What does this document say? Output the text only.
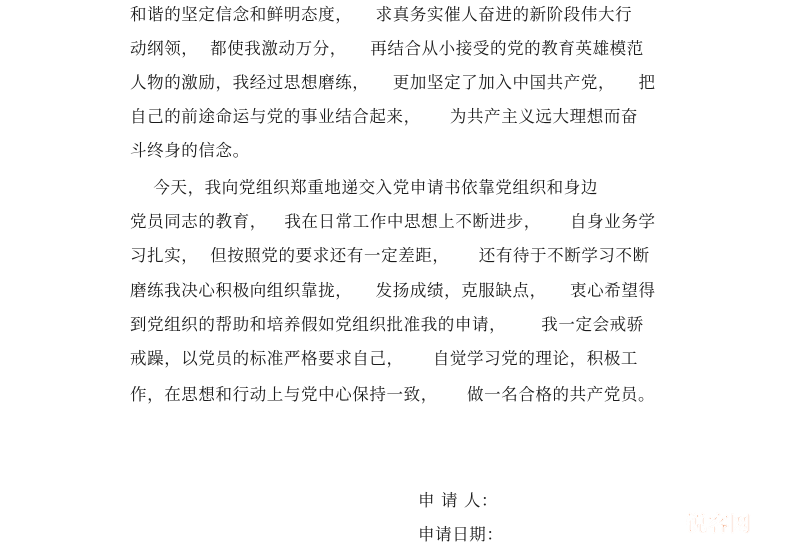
和谐的坚定信念和鲜明态度，    求真务实催人奋进的新阶段伟大行
动纲领，  都使我激动万分，    再结合从小接受的党的教育英雄模范
人物的激励，我经过思想磨练，    更加坚定了加入中国共产党，    把
自己的前途命运与党的事业结合起来，     为共产主义远大理想而奋
斗终身的信念。
今天，我向党组织郑重地递交入党申请书依靠党组织和身边
党员同志的教育，   我在日常工作中思想上不断进步，     自身业务学
习扎实，  但按照党的要求还有一定差距，     还有待于不断学习不断
磨练我决心积极向组织靠拢，    发扬成绩，克服缺点，    衷心希望得
到党组织的帮助和培养假如党组织批准我的申请，      我一定会戒骄
戒躁，以党员的标准严格要求自己，     自觉学习党的理论，积极工
作，在思想和行动上与党中心保持一致，     做一名合格的共产党员。
申 请 人：
申请日期：	锐客网
